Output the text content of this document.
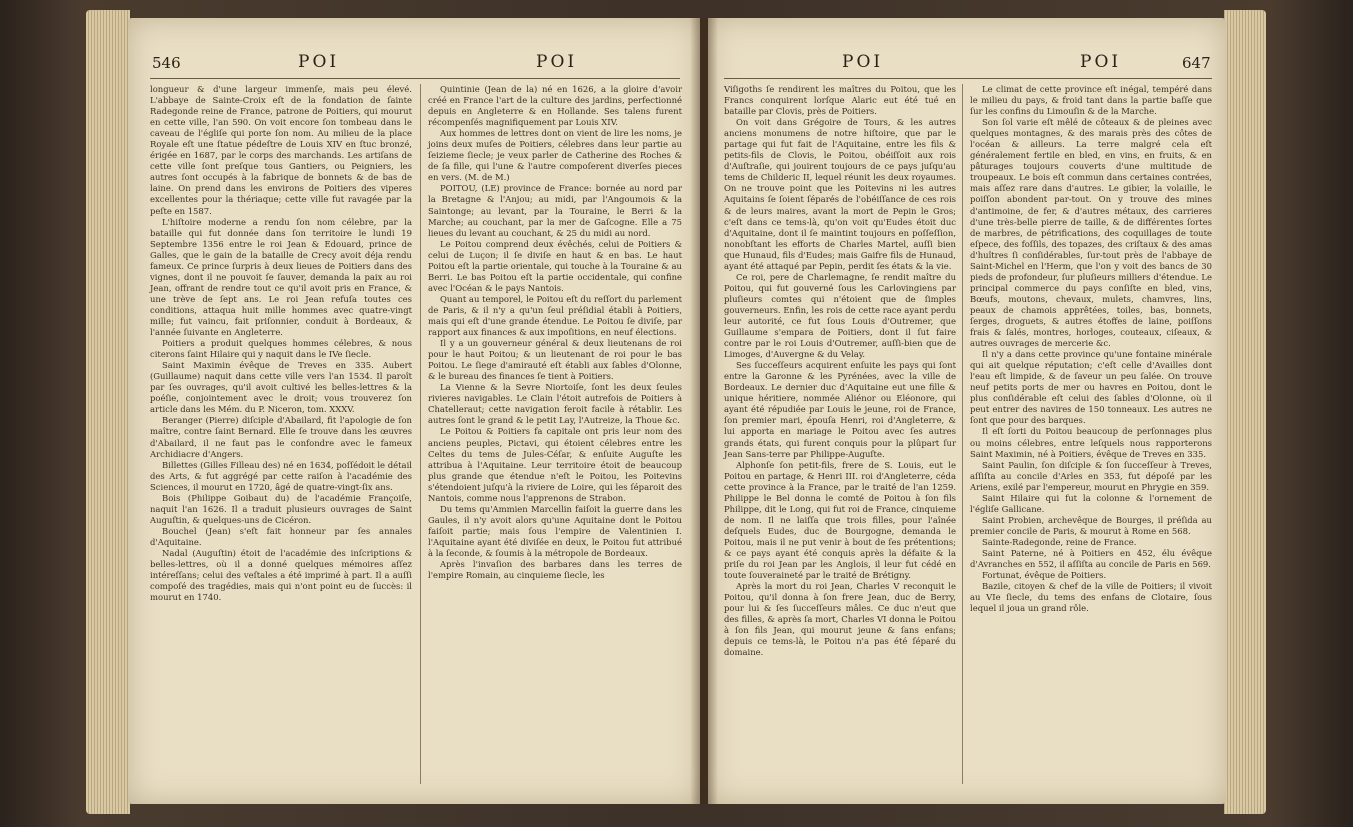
546	POI	POI

longueur & d'une largeur immenſe, mais peu élevé. L'abbaye de Sainte-Croix eſt de la fondation de ſainte Radegonde reine de France, patrone de Poitiers, qui mourut en cette ville, l'an 590. On voit encore ſon tombeau dans le caveau de l'égliſe qui porte ſon nom. Au milieu de la place Royale eſt une ſtatue pédeſtre de Louis XIV en ſtuc bronzé, érigée en 1687, par le corps des marchands. Les artiſans de cette ville ſont preſque tous Gantiers, ou Peigniers, les autres ſont occupés à la fabrique de bonnets & de bas de laine. On prend dans les environs de Poitiers des viperes excellentes pour la thériaque; cette ville fut ravagée par la peſte en 1587.

L'hiſtoire moderne a rendu ſon nom célebre, par la bataille qui fut donnée dans ſon territoire le lundi 19 Septembre 1356 entre le roi Jean & Edouard, prince de Galles, que le gain de la bataille de Crecy avoit déja rendu fameux. Ce prince ſurpris à deux lieues de Poitiers dans des vignes, dont il ne pouvoit ſe ſauver, demanda la paix au roi Jean, offrant de rendre tout ce qu'il avoit pris en France, & une trève de ſept ans. Le roi Jean refuſa toutes ces conditions, attaqua huit mille hommes avec quatre-vingt mille; fut vaincu, fait priſonnier, conduit à Bordeaux, & l'année ſuivante en Angleterre.

Poitiers a produit quelques hommes célebres, & nous citerons ſaint Hilaire qui y naquit dans le IVe ſiecle.

Saint Maximin évêque de Treves en 335. Aubert (Guillaume) naquit dans cette ville vers l'an 1534. Il paroît par ſes ouvrages, qu'il avoit cultivé les belles-lettres & la poéſie, conjointement avec le droit; vous trouverez ſon article dans les Mém. du P. Niceron, tom. XXXV.

Beranger (Pierre) diſciple d'Abailard, fit l'apologie de ſon maître, contre ſaint Bernard. Elle ſe trouve dans les œuvres d'Abailard, il ne faut pas le confondre avec le fameux Archidiacre d'Angers.

Billettes (Gilles Filleau des) né en 1634, poſſédoit le détail des Arts, & fut aggrégé par cette raiſon à l'académie des Sciences, il mourut en 1720, âgé de quatre-vingt-ſix ans.

Bois (Philippe Goibaut du) de l'académie Françoiſe, naquit l'an 1626. Il a traduit plusieurs ouvrages de Saint Auguſtin, & quelques-uns de Cicéron.

Bouchel (Jean) s'eſt fait honneur par ſes annales d'Aquitaine.

Nadal (Auguſtin) étoit de l'académie des inſcriptions & belles-lettres, où il a donné quelques mémoires aſſez intéreſſans; celui des veſtales a été imprimé à part. Il a auſſi compoſé des tragédies, mais qui n'ont point eu de ſuccès: il mourut en 1740.

Quintinie (Jean de la) né en 1626, a la gloire d'avoir créé en France l'art de la culture des jardins, perfectionné depuis en Angleterre & en Hollande. Ses talens furent récompenſés magnifiquement par Louis XIV.

Aux hommes de lettres dont on vient de lire les noms, je joins deux muſes de Poitiers, célebres dans leur partie au ſeizieme ſiecle; je veux parler de Catherine des Roches & de ſa fille, qui l'une & l'autre compoſerent diverſes pieces en vers. (M. de M.)

POITOU, (LE) province de France: bornée au nord par la Bretagne & l'Anjou; au midi, par l'Angoumois & la Saintonge; au levant, par la Touraine, le Berri & la Marche; au couchant, par la mer de Gaſcogne. Elle a 75 lieues du levant au couchant, & 25 du midi au nord.

Le Poitou comprend deux évêchés, celui de Poitiers & celui de Luçon; il ſe diviſe en haut & en bas. Le haut Poitou eſt la partie orientale, qui touche à la Touraine & au Berri. Le bas Poitou eſt la partie occidentale, qui confine avec l'Océan & le pays Nantois.

Quant au temporel, le Poitou eſt du reſſort du parlement de Paris, & il n'y a qu'un ſeul préſidial établi à Poitiers, mais qui eſt d'une grande étendue. Le Poitou ſe diviſe, par rapport aux finances & aux impoſitions, en neuf élections.

Il y a un gouverneur général & deux lieutenans de roi pour le haut Poitou; & un lieutenant de roi pour le bas Poitou. Le ſiege d'amirauté eſt établi aux ſables d'Olonne, & le bureau des finances ſe tient à Poitiers.

La Vienne & la Sevre Niortoiſe, ſont les deux ſeules rivieres navigables. Le Clain l'étoit autrefois de Poitiers à Chatelleraut; cette navigation feroit facile à rétablir. Les autres ſont le grand & le petit Lay, l'Autreize, la Thoue &c.

Le Poitou & Poitiers fa capitale ont pris leur nom des anciens peuples, Pictavi, qui étoient célebres entre les Celtes du tems de Jules-Céſar, & enſuite Auguſte les attribua à l'Aquitaine. Leur territoire étoit de beaucoup plus grande que étendue n'eſt le Poitou, les Poitevins s'étendoient juſqu'à la riviere de Loire, qui les ſéparoit des Nantois, comme nous l'apprenons de Strabon.

Du tems qu'Ammien Marcellin faiſoit la guerre dans les Gaules, il n'y avoit alors qu'une Aquitaine dont le Poitou faiſoit partie; mais ſous l'empire de Valentinien I. l'Aquitaine ayant été diviſée en deux, le Poitou fut attribué à la ſeconde, & ſoumis à la métropole de Bordeaux.

Après l'invaſion des barbares dans les terres de l'empire Romain, au cinquieme ſiecle, les

POI	POI	647

Viſigoths ſe rendirent les maîtres du Poitou, que les Francs conquirent lorſque Alaric eut été tué en bataille par Clovis, près de Poitiers.

On voit dans Grégoire de Tours, & les autres anciens monumens de notre hiſtoire, que par le partage qui fut fait de l'Aquitaine, entre les fils & petits-fils de Clovis, le Poitou, obéiſſoit aux rois d'Auſtraſie, qui jouirent toujours de ce pays juſqu'au tems de Childeric II, lequel réunit les deux royaumes. On ne trouve point que les Poitevins ni les autres Aquitains ſe ſoient ſéparés de l'obéiſſance de ces rois & de leurs maires, avant la mort de Pepin le Gros; c'eſt dans ce tems-là, qu'on voit qu'Eudes étoit duc d'Aquitaine, dont il ſe maintint toujours en poſſeſſion, nonobſtant les efforts de Charles Martel, auſſi bien que Hunaud, fils d'Eudes; mais Gaifre fils de Hunaud, ayant été attaqué par Pepin, perdit ſes états & la vie.

Ce roi, pere de Charlemagne, ſe rendit maître du Poitou, qui fut gouverné ſous les Carlovingiens par pluſieurs comtes qui n'étoient que de ſimples gouverneurs. Enfin, les rois de cette race ayant perdu leur autorité, ce fut ſous Louis d'Outremer, que Guillaume s'empara de Poitiers, dont il ſut faire contre par le roi Louis d'Outremer, auſſi-bien que de Limoges, d'Auvergne & du Velay.

Ses ſucceſſeurs acquirent enſuite les pays qui ſont entre la Garonne & les Pyrénées, avec la ville de Bordeaux. Le dernier duc d'Aquitaine eut une fille & unique héritiere, nommée Aliénor ou Eléonore, qui ayant été répudiée par Louis le jeune, roi de France, ſon premier mari, épouſa Henri, roi d'Angleterre, & lui apporta en mariage le Poitou avec ſes autres grands états, qui furent conquis pour la plûpart ſur Jean Sans-terre par Philippe-Auguſte.

Alphonſe ſon petit-fils, frere de S. Louis, eut le Poitou en partage, & Henri III. roi d'Angleterre, céda cette province à la France, par le traité de l'an 1259. Philippe le Bel donna le comté de Poitou à ſon fils Philippe, dit le Long, qui fut roi de France, cinquieme de nom. Il ne laiſſa que trois filles, pour l'aînée deſquels Eudes, duc de Bourgogne, demanda le Poitou, mais il ne put venir à bout de ſes prétentions; & ce pays ayant été conquis après la défaite & la priſe du roi Jean par les Anglois, il leur fut cédé en toute ſouveraineté par le traité de Brétigny.

Après la mort du roi Jean, Charles V reconquit le Poitou, qu'il donna à ſon frere Jean, duc de Berry, pour lui & ſes ſucceſſeurs mâles. Ce duc n'eut que des filles, & après ſa mort, Charles VI donna le Poitou à ſon fils Jean, qui mourut jeune & ſans enfans; depuis ce tems-là, le Poitou n'a pas été ſéparé du domaine.

Le climat de cette province eſt inégal, tempéré dans le milieu du pays, & froid tant dans la partie baſſe que ſur les confins du Limouſin & de la Marche.

Son ſol varie eſt mêlé de côteaux & de pleines avec quelques montagnes, & des marais près des côtes de l'océan & ailleurs. La terre malgré cela eſt généralement fertile en bled, en vins, en fruits, & en pâturages toujours couverts d'une multitude de troupeaux. Le bois eſt commun dans certaines contrées, mais aſſez rare dans d'autres. Le gibier, la volaille, le poiſſon abondent par-tout. On y trouve des mines d'antimoine, de fer, & d'autres métaux, des carrieres d'une très-belle pierre de taille, & de différentes ſortes de marbres, de pétrifications, des coquillages de toute eſpece, des foſſils, des topazes, des criſtaux & des amas d'huîtres ſi conſidérables, ſur-tout près de l'abbaye de Saint-Michel en l'Herm, que l'on y voit des bancs de 30 pieds de profondeur, ſur pluſieurs milliers d'étendue. Le principal commerce du pays conſiſte en bled, vins, Bœufs, moutons, chevaux, mulets, chamvres, lins, peaux de chamois apprêtées, toiles, bas, bonnets, ſerges, droguets, & autres étoffes de laine, poiſſons frais & ſalés, montres, horloges, couteaux, ciſeaux, & autres ouvrages de mercerie &c.

Il n'y a dans cette province qu'une fontaine minérale qui ait quelque réputation; c'eſt celle d'Availles dont l'eau eſt limpide, & de ſaveur un peu ſalée. On trouve neuf petits ports de mer ou havres en Poitou, dont le plus conſidérable eſt celui des ſables d'Olonne, où il peut entrer des navires de 150 tonneaux. Les autres ne ſont que pour des barques.

Il eſt ſorti du Poitou beaucoup de perſonnages plus ou moins célebres, entre leſquels nous rapporterons Saint Maximin, né à Poitiers, évêque de Treves en 335.

Saint Paulin, ſon diſciple & ſon ſucceſſeur à Treves, aſſiſta au concile d'Arles en 353, fut dépoſé par les Ariens, exilé par l'empereur, mourut en Phrygie en 359.

Saint Hilaire qui fut la colonne & l'ornement de l'égliſe Gallicane.

Saint Probien, archevêque de Bourges, il préſida au premier concile de Paris, & mourut à Rome en 568.

Sainte-Radegonde, reine de France.

Saint Paterne, né à Poitiers en 452, élu évêque d'Avranches en 552, il aſſiſta au concile de Paris en 569.

Fortunat, évêque de Poitiers.

Bazile, citoyen & chef de la ville de Poitiers; il vivoit au VIe ſiecle, du tems des enfans de Clotaire, ſous lequel il joua un grand rôle.
